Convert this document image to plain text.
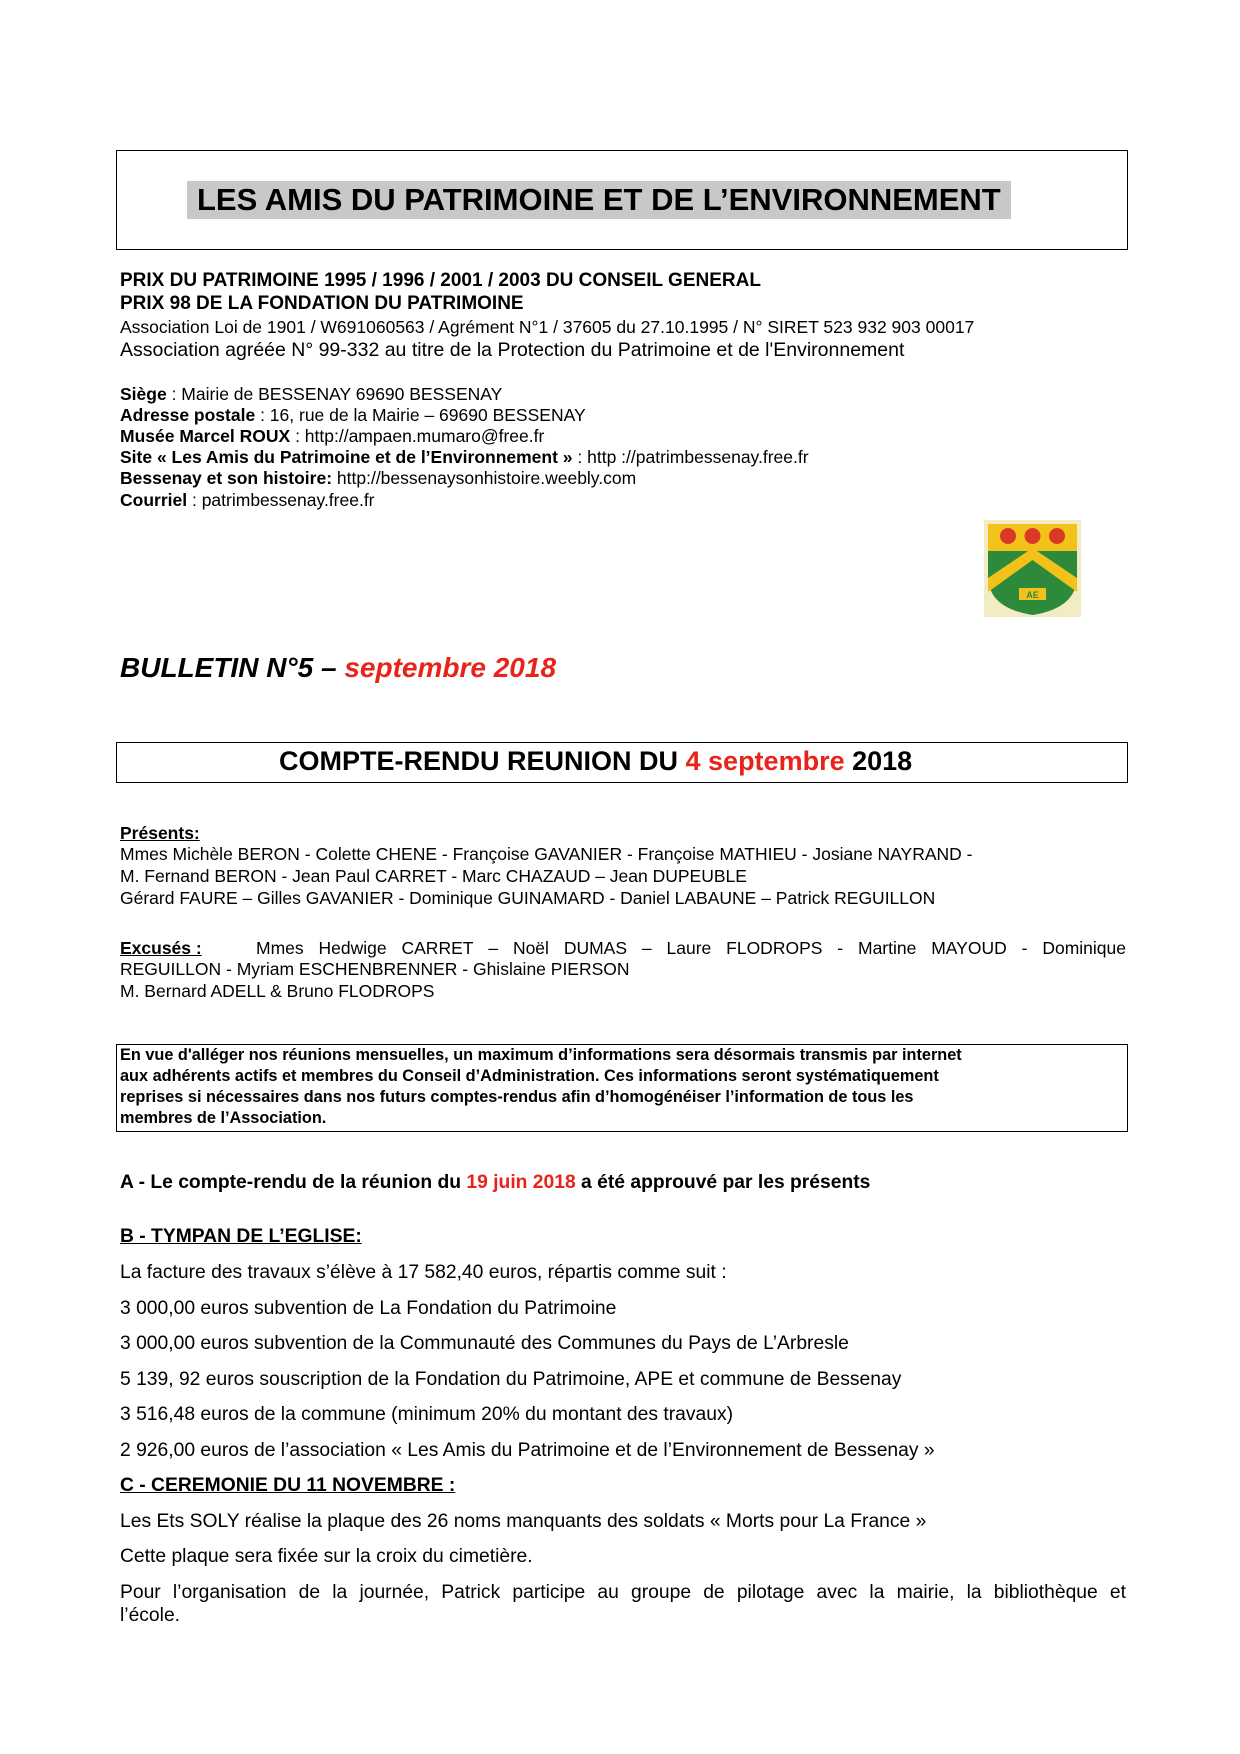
LES AMIS DU PATRIMOINE ET DE L’ENVIRONNEMENT
PRIX DU PATRIMOINE 1995 / 1996 / 2001 / 2003 DU CONSEIL GENERAL
PRIX 98 DE LA FONDATION DU PATRIMOINE
Association Loi de 1901 / W691060563 / Agrément N°1 / 37605 du 27.10.1995 / N° SIRET 523 932 903 00017
Association agréée N° 99-332 au titre de la Protection du Patrimoine et de l'Environnement
Siège : Mairie de BESSENAY 69690 BESSENAY
Adresse postale : 16, rue de la Mairie – 69690 BESSENAY
Musée Marcel ROUX : http://ampaen.mumaro@free.fr
Site « Les Amis du Patrimoine et de l’Environnement » : http ://patrimbessenay.free.fr
Bessenay et son histoire: http://bessenaysonhistoire.weebly.com
Courriel : patrimbessenay.free.fr
AE
BULLETIN N°5 – septembre 2018
COMPTE-RENDU REUNION DU 4 septembre 2018
Présents:
Mmes Michèle BERON - Colette CHENE - Françoise GAVANIER - Françoise MATHIEU - Josiane NAYRAND -
M. Fernand BERON - Jean Paul CARRET - Marc CHAZAUD – Jean DUPEUBLE
Gérard FAURE – Gilles GAVANIER - Dominique GUINAMARD - Daniel LABAUNE – Patrick REGUILLON
Excusés :	Mmes Hedwige CARRET – Noël DUMAS – Laure FLODROPS - Martine MAYOUD - Dominique
REGUILLON - Myriam ESCHENBRENNER - Ghislaine PIERSON
M. Bernard ADELL & Bruno FLODROPS
En vue d'alléger nos réunions mensuelles, un maximum d’informations sera désormais transmis par internet
aux adhérents actifs et membres du Conseil d’Administration. Ces informations seront systématiquement
reprises si nécessaires dans nos futurs comptes-rendus afin d’homogénéiser l’information de tous les
membres de l’Association.
A - Le compte-rendu de la réunion du 19 juin 2018 a été approuvé par les présents
B - TYMPAN DE L’EGLISE:
La facture des travaux s’élève à 17 582,40 euros, répartis comme suit :
3 000,00 euros subvention de La Fondation du Patrimoine
3 000,00 euros subvention de la Communauté des Communes du Pays de L’Arbresle
5 139, 92 euros souscription de la Fondation du Patrimoine, APE et commune de Bessenay
3 516,48 euros de la commune (minimum 20% du montant des travaux)
2 926,00 euros de l’association « Les Amis du Patrimoine et de l’Environnement de Bessenay »
C - CEREMONIE DU 11 NOVEMBRE :
Les Ets SOLY réalise la plaque des 26 noms manquants des soldats « Morts pour La France »
Cette plaque sera fixée sur la croix du cimetière.
Pour l’organisation de la journée, Patrick participe au groupe de pilotage avec la mairie, la bibliothèque et
l’école.
